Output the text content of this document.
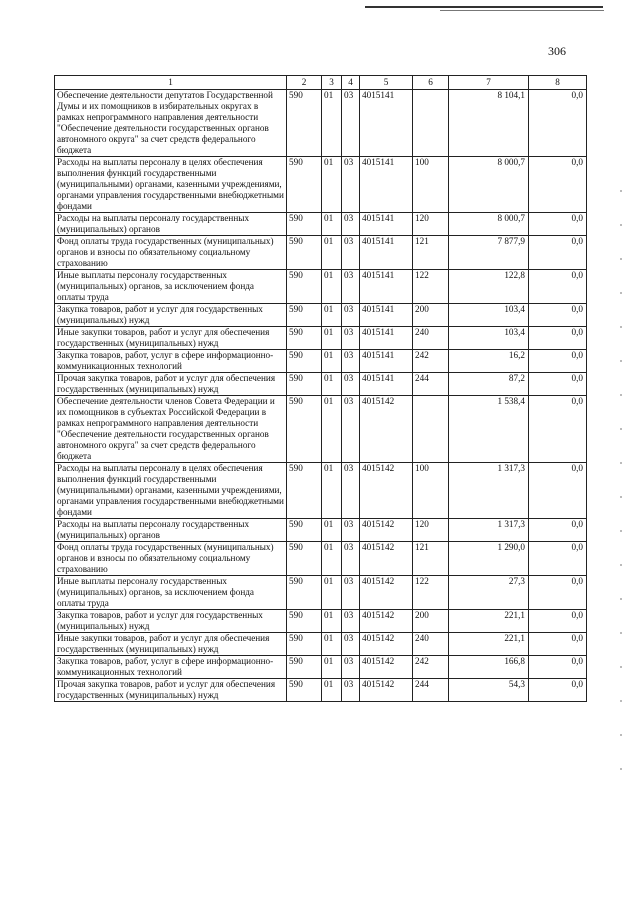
306
1	2	3	4	5	6	7	8
Обеспечение деятельности депутатов Государственной Думы и их помощников в избирательных округах в рамках непрограммного направления деятельности "Обеспечение деятельности государственных органов автономного округа" за счет средств федерального бюджета	590	01	03	4015141		8 104,1	0,0
Расходы на выплаты персоналу в целях обеспечения выполнения функций государственными (муниципальными) органами, казенными учреждениями, органами управления государственными внебюджетными фондами	590	01	03	4015141	100	8 000,7	0,0
Расходы на выплаты персоналу государственных (муниципальных) органов	590	01	03	4015141	120	8 000,7	0,0
Фонд оплаты труда государственных (муниципальных) органов и взносы по обязательному социальному страхованию	590	01	03	4015141	121	7 877,9	0,0
Иные выплаты персоналу государственных (муниципальных) органов, за исключением фонда оплаты труда	590	01	03	4015141	122	122,8	0,0
Закупка товаров, работ и услуг для государственных (муниципальных) нужд	590	01	03	4015141	200	103,4	0,0
Иные закупки товаров, работ и услуг для обеспечения государственных (муниципальных) нужд	590	01	03	4015141	240	103,4	0,0
Закупка товаров, работ, услуг в сфере информационно-коммуникационных технологий	590	01	03	4015141	242	16,2	0,0
Прочая закупка товаров, работ и услуг для обеспечения государственных (муниципальных) нужд	590	01	03	4015141	244	87,2	0,0
Обеспечение деятельности членов Совета Федерации и их помощников в субъектах Российской Федерации в рамках непрограммного направления деятельности "Обеспечение деятельности государственных органов автономного округа" за счет средств федерального бюджета	590	01	03	4015142		1 538,4	0,0
Расходы на выплаты персоналу в целях обеспечения выполнения функций государственными (муниципальными) органами, казенными учреждениями, органами управления государственными внебюджетными фондами	590	01	03	4015142	100	1 317,3	0,0
Расходы на выплаты персоналу государственных (муниципальных) органов	590	01	03	4015142	120	1 317,3	0,0
Фонд оплаты труда государственных (муниципальных) органов и взносы по обязательному социальному страхованию	590	01	03	4015142	121	1 290,0	0,0
Иные выплаты персоналу государственных (муниципальных) органов, за исключением фонда оплаты труда	590	01	03	4015142	122	27,3	0,0
Закупка товаров, работ и услуг для государственных (муниципальных) нужд	590	01	03	4015142	200	221,1	0,0
Иные закупки товаров, работ и услуг для обеспечения государственных (муниципальных) нужд	590	01	03	4015142	240	221,1	0,0
Закупка товаров, работ, услуг в сфере информационно-коммуникационных технологий	590	01	03	4015142	242	166,8	0,0
Прочая закупка товаров, работ и услуг для обеспечения государственных (муниципальных) нужд	590	01	03	4015142	244	54,3	0,0
